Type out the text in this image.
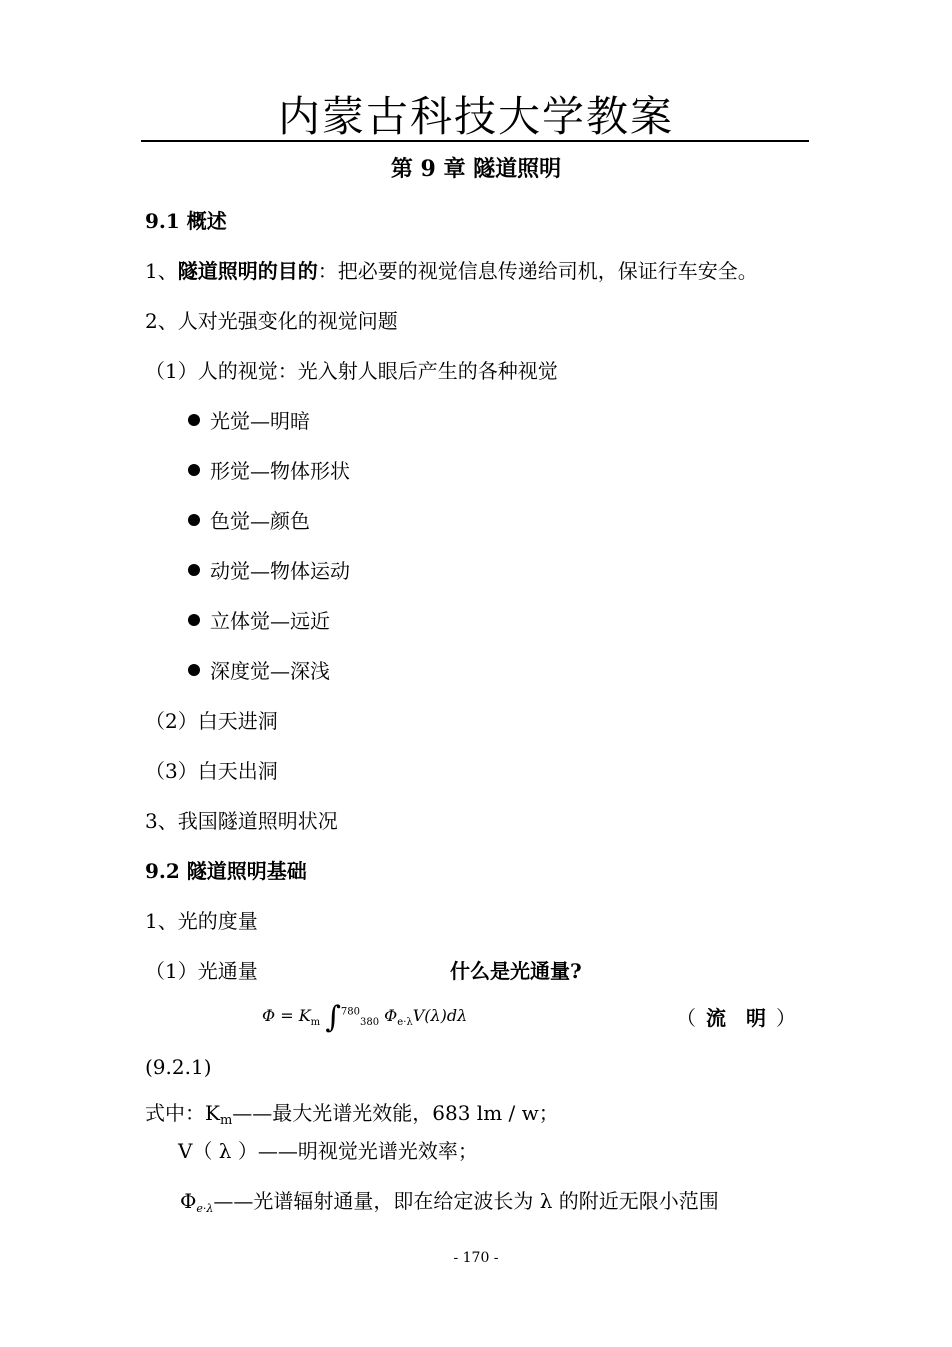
内蒙古科技大学教案
第 9 章 隧道照明
9.1 概述
1、隧道照明的目的：把必要的视觉信息传递给司机，保证行车安全。
2、人对光强变化的视觉问题
（1）人的视觉：光入射人眼后产生的各种视觉
光觉—明暗
形觉—物体形状
色觉—颜色
动觉—物体运动
立体觉—远近
深度觉—深浅
（2）白天进洞
（3）白天出洞
3、我国隧道照明状况
9.2 隧道照明基础
1、光的度量
（1）光通量	什么是光通量?
$\Phi = K_m$ ∫$^{780}_{380}$ $\Phi_{e\cdot\lambda}V(\lambda)d\lambda$	（ 流　明 ）
(9.2.1)
式中：$K_m——$最大光谱光效能，683 lm / w；
V（ λ ）——明视觉光谱光效率；
$\Phi_{e\cdot\lambda}——$光谱辐射通量，即在给定波长为 λ 的附近无限小范围
- 170 -
